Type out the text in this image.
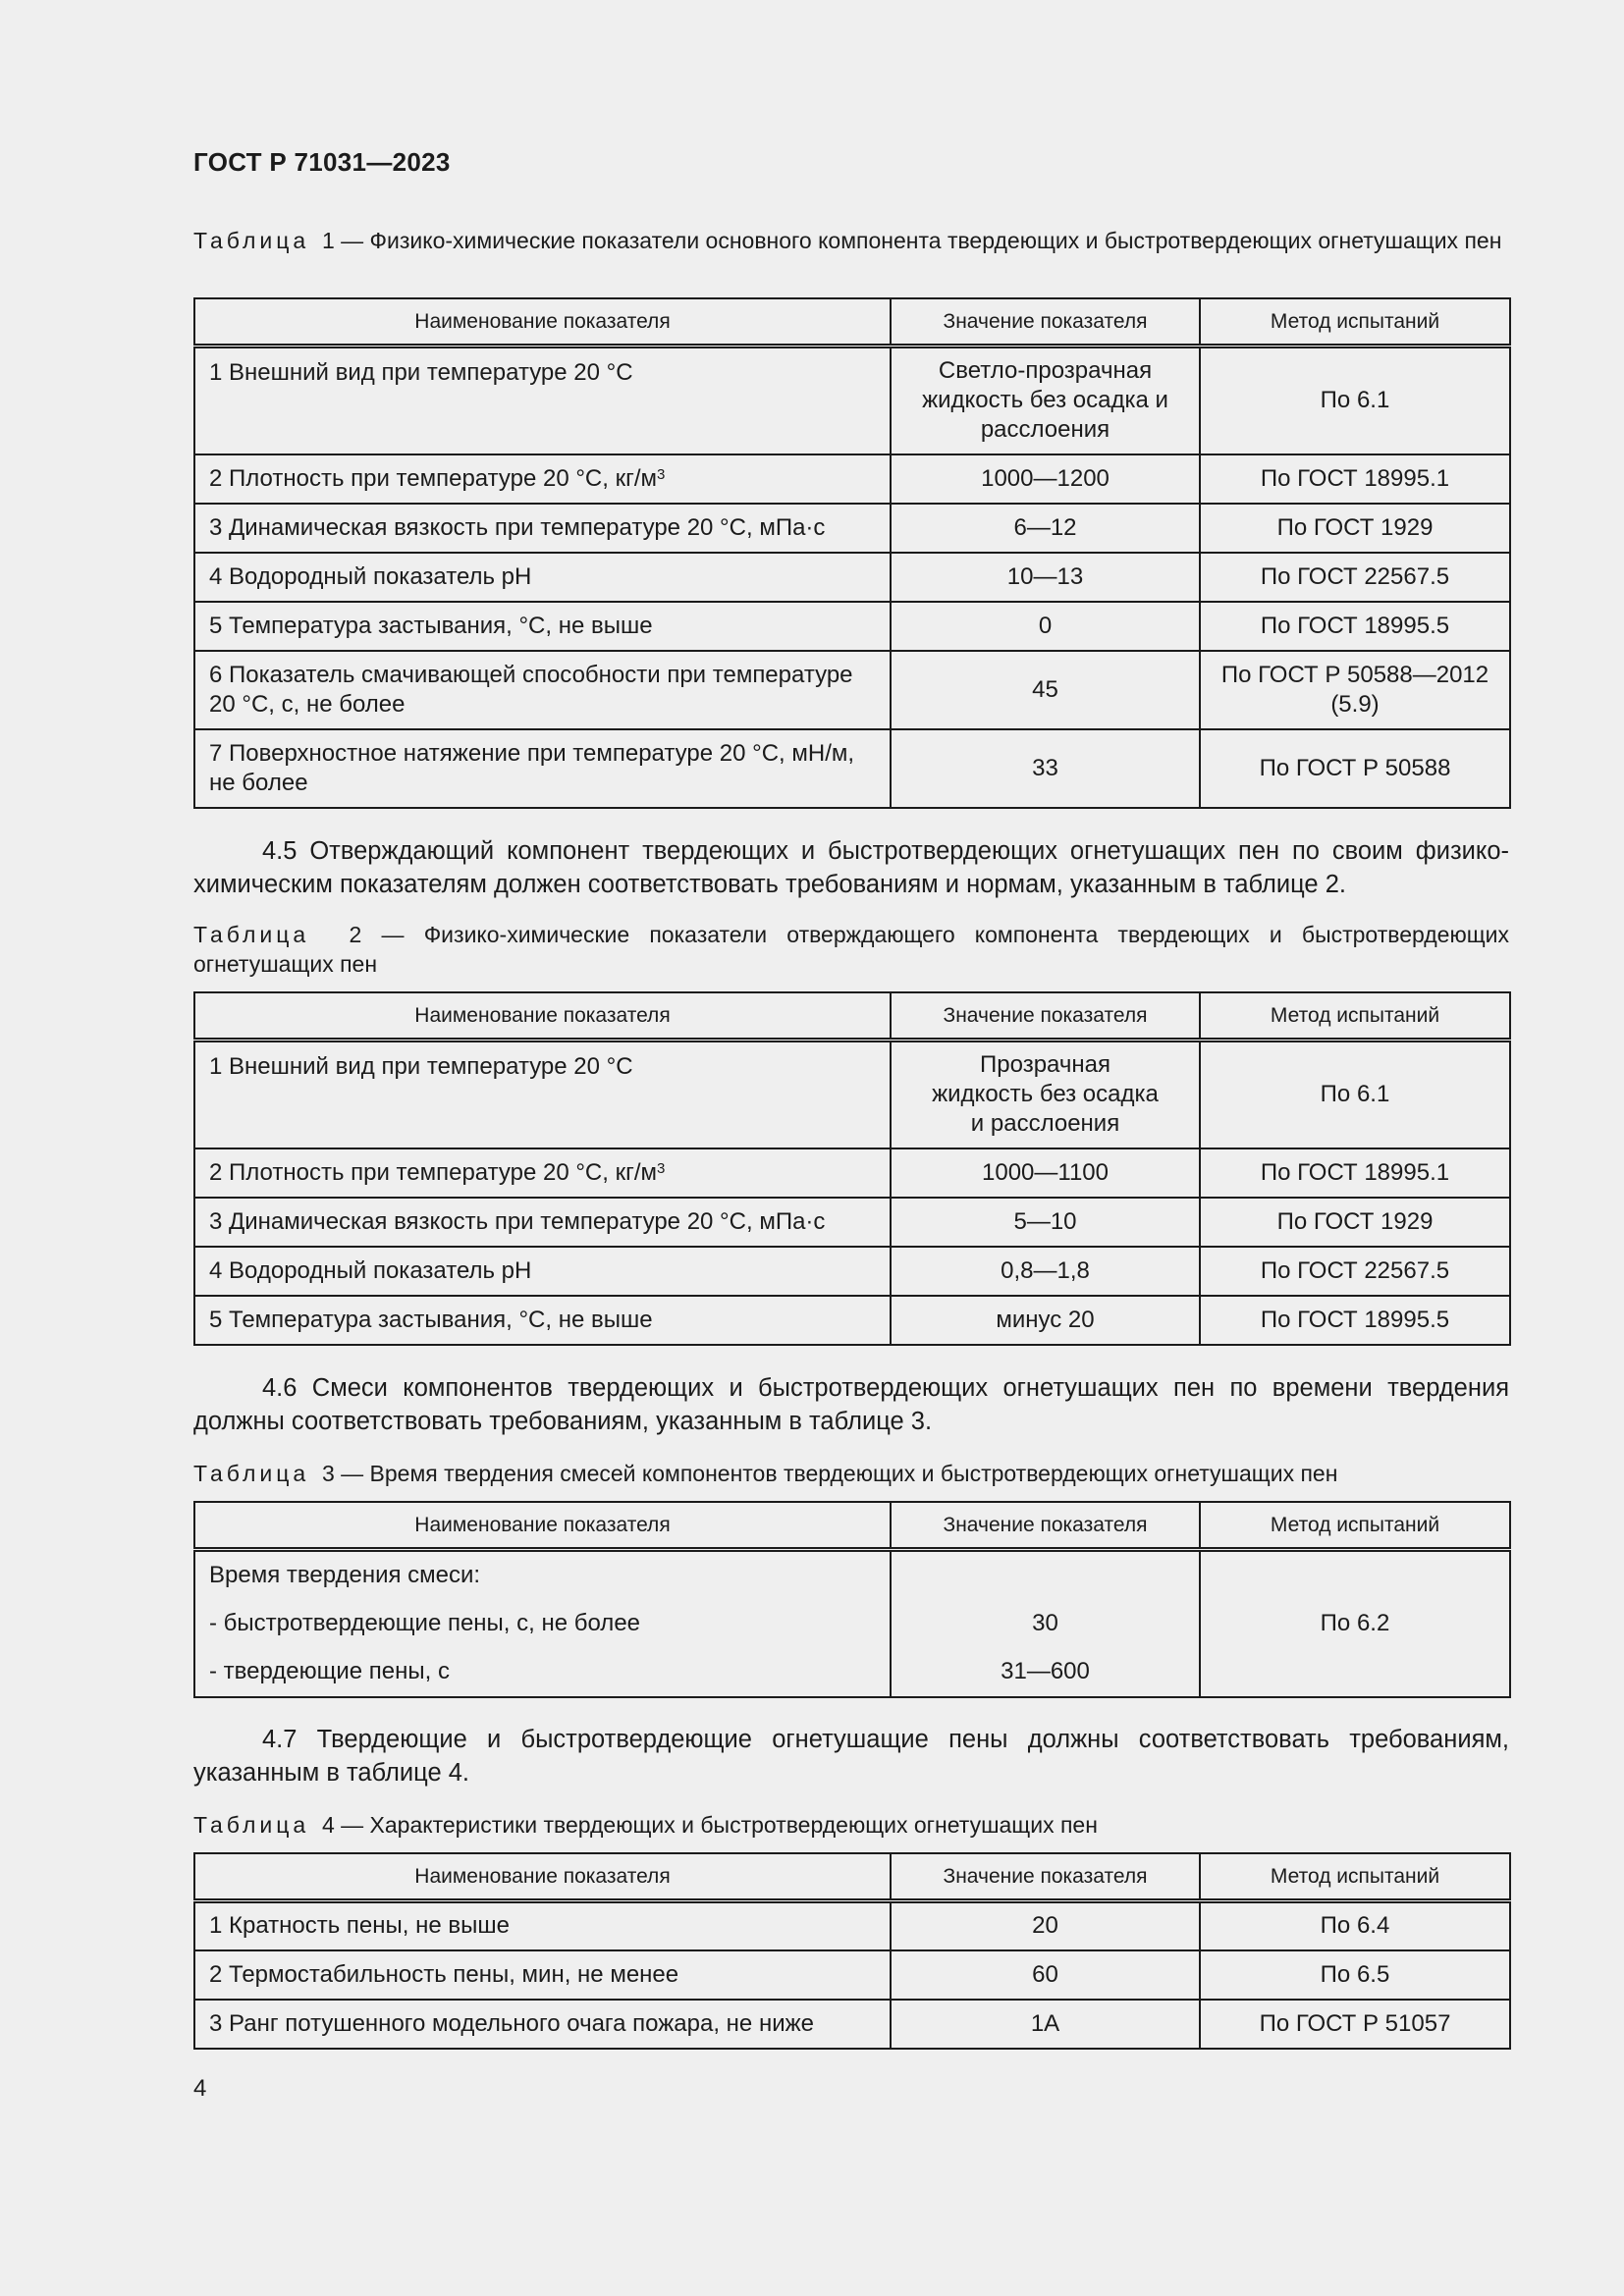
ГОСТ Р 71031—2023
Таблица 1 — Физико-химические показатели основного компонента твердеющих и быстротвердеющих огнетушащих пен
Наименование показателя	Значение показателя	Метод испытаний
1 Внешний вид при температуре 20 °С	Светло-прозрачная жидкость без осадка и расслоения	По 6.1
2 Плотность при температуре 20 °С, $кг/м^3$	1000—1200	По ГОСТ 18995.1
3 Динамическая вязкость при температуре 20 °С, мПа·с	6—12	По ГОСТ 1929
4 Водородный показатель рН	10—13	По ГОСТ 22567.5
5 Температура застывания, °С, не выше	0	По ГОСТ 18995.5
6 Показатель смачивающей способности при температуре 20 °С, с, не более	45	По ГОСТ Р 50588—2012 (5.9)
7 Поверхностное натяжение при температуре 20 °С, мН/м, не более	33	По ГОСТ Р 50588
4.5 Отверждающий компонент твердеющих и быстротвердеющих огнетушащих пен по своим физико-химическим показателям должен соответствовать требованиям и нормам, указанным в таблице 2.
Таблица 2 — Физико-химические показатели отверждающего компонента твердеющих и быстротвердеющих огнетушащих пен
Наименование показателя	Значение показателя	Метод испытаний
1 Внешний вид при температуре 20 °С	Прозрачная жидкость без осадка и расслоения	По 6.1
2 Плотность при температуре 20 °С, $кг/м^3$	1000—1100	По ГОСТ 18995.1
3 Динамическая вязкость при температуре 20 °С, мПа·с	5—10	По ГОСТ 1929
4 Водородный показатель рН	0,8—1,8	По ГОСТ 22567.5
5 Температура застывания, °С, не выше	минус 20	По ГОСТ 18995.5
4.6 Смеси компонентов твердеющих и быстротвердеющих огнетушащих пен по времени твердения должны соответствовать требованиям, указанным в таблице 3.
Таблица 3 — Время твердения смесей компонентов твердеющих и быстротвердеющих огнетушащих пен
Наименование показателя	Значение показателя	Метод испытаний
Время твердения смеси:		По 6.2
- быстротвердеющие пены, с, не более	30	
- твердеющие пены, с	31—600	
4.7 Твердеющие и быстротвердеющие огнетушащие пены должны соответствовать требованиям, указанным в таблице 4.
Таблица 4 — Характеристики твердеющих и быстротвердеющих огнетушащих пен
Наименование показателя	Значение показателя	Метод испытаний
1 Кратность пены, не выше	20	По 6.4
2 Термостабильность пены, мин, не менее	60	По 6.5
3 Ранг потушенного модельного очага пожара, не ниже	1А	По ГОСТ Р 51057
4
